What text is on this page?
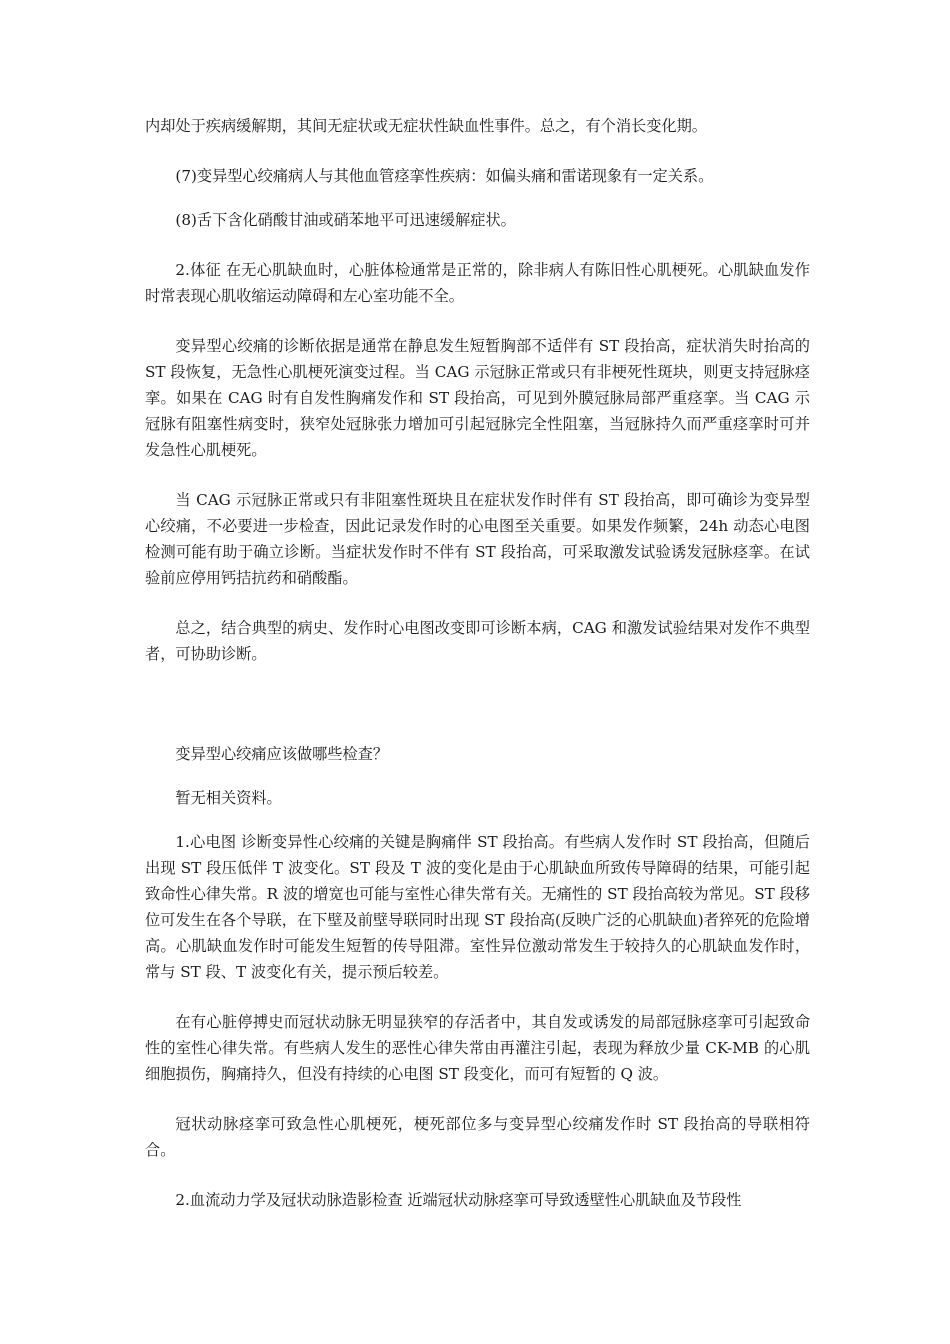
内却处于疾病缓解期，其间无症状或无症状性缺血性事件。总之，有个消长变化期。

(7)变异型心绞痛病人与其他血管痉挛性疾病：如偏头痛和雷诺现象有一定关系。

(8)舌下含化硝酸甘油或硝苯地平可迅速缓解症状。

2.体征 在无心肌缺血时，心脏体检通常是正常的，除非病人有陈旧性心肌梗死。心肌缺血发作时常表现心肌收缩运动障碍和左心室功能不全。

变异型心绞痛的诊断依据是通常在静息发生短暂胸部不适伴有 ST 段抬高，症状消失时抬高的 ST 段恢复，无急性心肌梗死演变过程。当 CAG 示冠脉正常或只有非梗死性斑块，则更支持冠脉痉挛。如果在 CAG 时有自发性胸痛发作和 ST 段抬高，可见到外膜冠脉局部严重痉挛。当 CAG 示冠脉有阻塞性病变时，狭窄处冠脉张力增加可引起冠脉完全性阻塞，当冠脉持久而严重痉挛时可并发急性心肌梗死。

当 CAG 示冠脉正常或只有非阻塞性斑块且在症状发作时伴有 ST 段抬高，即可确诊为变异型心绞痛，不必要进一步检查，因此记录发作时的心电图至关重要。如果发作频繁，24h 动态心电图检测可能有助于确立诊断。当症状发作时不伴有 ST 段抬高，可采取激发试验诱发冠脉痉挛。在试验前应停用钙拮抗药和硝酸酯。

总之，结合典型的病史、发作时心电图改变即可诊断本病，CAG 和激发试验结果对发作不典型者，可协助诊断。

变异型心绞痛应该做哪些检查？

暂无相关资料。

1.心电图 诊断变异性心绞痛的关键是胸痛伴 ST 段抬高。有些病人发作时 ST 段抬高，但随后出现 ST 段压低伴 T 波变化。ST 段及 T 波的变化是由于心肌缺血所致传导障碍的结果，可能引起致命性心律失常。R 波的增宽也可能与室性心律失常有关。无痛性的 ST 段抬高较为常见。ST 段移位可发生在各个导联，在下壁及前壁导联同时出现 ST 段抬高(反映广泛的心肌缺血)者猝死的危险增高。心肌缺血发作时可能发生短暂的传导阻滞。室性异位激动常发生于较持久的心肌缺血发作时，常与 ST 段、T 波变化有关，提示预后较差。

在有心脏停搏史而冠状动脉无明显狭窄的存活者中，其自发或诱发的局部冠脉痉挛可引起致命性的室性心律失常。有些病人发生的恶性心律失常由再灌注引起，表现为释放少量 CK-MB 的心肌细胞损伤，胸痛持久，但没有持续的心电图 ST 段变化，而可有短暂的 Q 波。

冠状动脉痉挛可致急性心肌梗死，梗死部位多与变异型心绞痛发作时 ST 段抬高的导联相符合。

2.血流动力学及冠状动脉造影检查 近端冠状动脉痉挛可导致透壁性心肌缺血及节段性
